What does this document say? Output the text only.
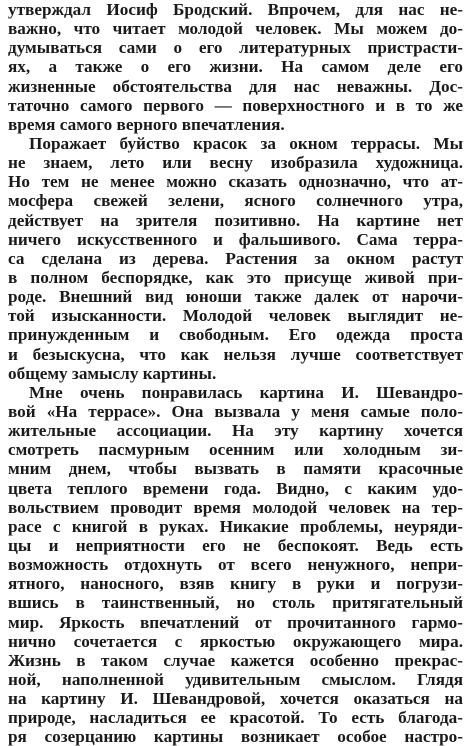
утверждал Иосиф Бродский. Впрочем, для нас не-
важно, что читает молодой человек. Мы можем до-
думываться сами о его литературных пристрасти-
ях, а также о его жизни. На самом деле его
жизненные обстоятельства для нас неважны. Дос-
таточно самого первого — поверхностного и в то же
время самого верного впечатления.
Поражает буйство красок за окном террасы. Мы
не знаем, лето или весну изобразила художница.
Но тем не менее можно сказать однозначно, что ат-
мосфера свежей зелени, ясного солнечного утра,
действует на зрителя позитивно. На картине нет
ничего искусственного и фальшивого. Сама терра-
са сделана из дерева. Растения за окном растут
в полном беспорядке, как это присуще живой при-
роде. Внешний вид юноши также далек от нарочи-
той изысканности. Молодой человек выглядит не-
принужденным и свободным. Его одежда проста
и безыскусна, что как нельзя лучше соответствует
общему замыслу картины.
Мне очень понравилась картина И. Шевандро-
вой «На террасе». Она вызвала у меня самые поло-
жительные ассоциации. На эту картину хочется
смотреть пасмурным осенним или холодным зи-
мним днем, чтобы вызвать в памяти красочные
цвета теплого времени года. Видно, с каким удо-
вольствием проводит время молодой человек на тер-
расе с книгой в руках. Никакие проблемы, неуряди-
цы и неприятности его не беспокоят. Ведь есть
возможность отдохнуть от всего ненужного, непри-
ятного, наносного, взяв книгу в руки и погрузи-
вшись в таинственный, но столь притягательный
мир. Яркость впечатлений от прочитанного гармо-
нично сочетается с яркостью окружающего мира.
Жизнь в таком случае кажется особенно прекрас-
ной, наполненной удивительным смыслом. Глядя
на картину И. Шевандровой, хочется оказаться на
природе, насладиться ее красотой. То есть благода-
ря созерцанию картины возникает особое настро-
